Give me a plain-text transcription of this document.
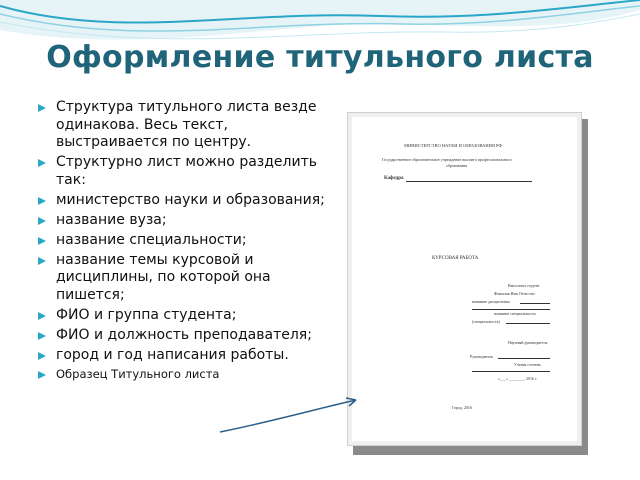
Оформление титульного листа
Структура титульного листа везде одинакова. Весь текст, выстраивается по центру.
Структурно лист можно разделить так:
министерство науки и образования;
название вуза;
название специальности;
название темы курсовой и дисциплины, по которой она пишется;
ФИО и группа студента;
ФИО и должность преподавателя;
город и год написания работы.
Образец Титульного листа
МИНИСТЕРСТВО НАУКИ И ОБРАЗОВАНИЯ РФ
Государственное образовательное учреждение высшего профессионального
образования
Кафедра
КУРСОВАЯ РАБОТА
Выполнил студент
Фамилия Имя Отчество
название дисциплины
название специальности
(специальность)
Научный руководитель
Руководитель
Ученая степень
«___» ________ 2016 г.
Город, 2016
